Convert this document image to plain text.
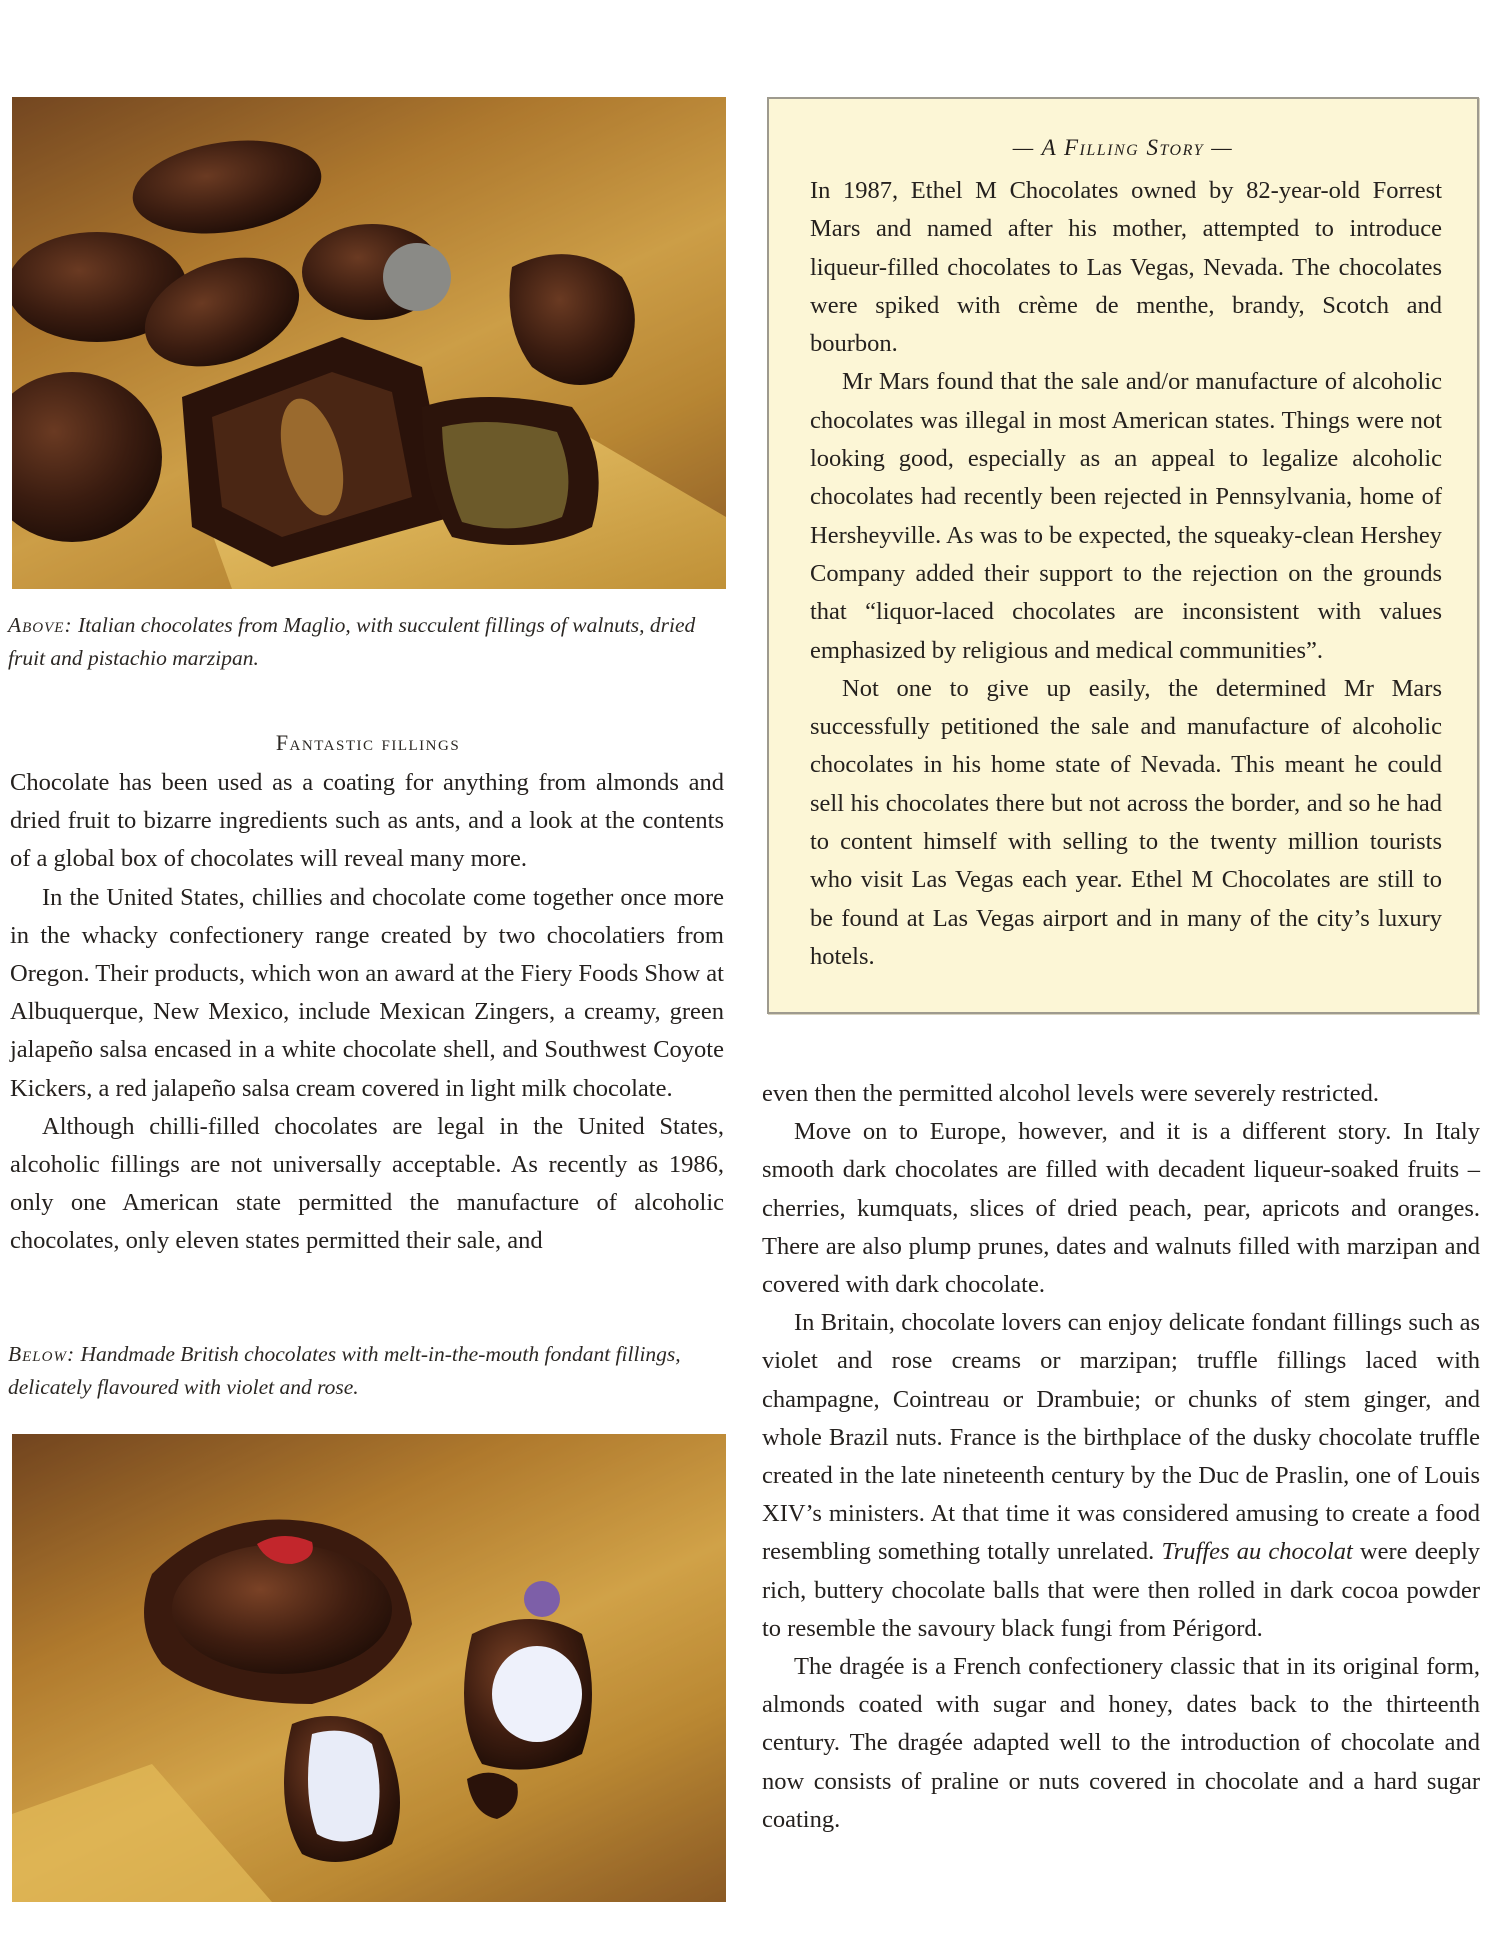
Above: Italian chocolates from Maglio, with succulent fillings of walnuts, dried fruit and pistachio marzipan.

Fantastic fillings

Chocolate has been used as a coating for anything from almonds and dried fruit to bizarre ingredients such as ants, and a look at the contents of a global box of chocolates will reveal many more.

In the United States, chillies and chocolate come together once more in the whacky confectionery range created by two chocolatiers from Oregon. Their products, which won an award at the Fiery Foods Show at Albuquerque, New Mexico, include Mexican Zingers, a creamy, green jalapeño salsa encased in a white chocolate shell, and Southwest Coyote Kickers, a red jalapeño salsa cream covered in light milk chocolate.

Although chilli-filled chocolates are legal in the United States, alcoholic fillings are not universally acceptable. As recently as 1986, only one American state permitted the manufacture of alcoholic chocolates, only eleven states permitted their sale, and

Below: Handmade British chocolates with melt-in-the-mouth fondant fillings, delicately flavoured with violet and rose.

— A Filling Story —

In 1987, Ethel M Chocolates owned by 82-year-old Forrest Mars and named after his mother, attempted to introduce liqueur-filled chocolates to Las Vegas, Nevada. The chocolates were spiked with crème de menthe, brandy, Scotch and bourbon.

Mr Mars found that the sale and/or manufacture of alcoholic chocolates was illegal in most American states. Things were not looking good, especially as an appeal to legalize alcoholic chocolates had recently been rejected in Pennsylvania, home of Hersheyville. As was to be expected, the squeaky-clean Hershey Company added their support to the rejection on the grounds that “liquor-laced chocolates are inconsistent with values emphasized by religious and medical communities”.

Not one to give up easily, the determined Mr Mars successfully petitioned the sale and manufacture of alcoholic chocolates in his home state of Nevada. This meant he could sell his chocolates there but not across the border, and so he had to content himself with selling to the twenty million tourists who visit Las Vegas each year. Ethel M Chocolates are still to be found at Las Vegas airport and in many of the city’s luxury hotels.

even then the permitted alcohol levels were severely restricted.

Move on to Europe, however, and it is a different story. In Italy smooth dark chocolates are filled with decadent liqueur-soaked fruits – cherries, kumquats, slices of dried peach, pear, apricots and oranges. There are also plump prunes, dates and walnuts filled with marzipan and covered with dark chocolate.

In Britain, chocolate lovers can enjoy delicate fondant fillings such as violet and rose creams or marzipan; truffle fillings laced with champagne, Cointreau or Drambuie; or chunks of stem ginger, and whole Brazil nuts. France is the birthplace of the dusky chocolate truffle created in the late nineteenth century by the Duc de Praslin, one of Louis XIV’s ministers. At that time it was considered amusing to create a food resembling something totally unrelated. Truffes au chocolat were deeply rich, buttery chocolate balls that were then rolled in dark cocoa powder to resemble the savoury black fungi from Périgord.

The dragée is a French confectionery classic that in its original form, almonds coated with sugar and honey, dates back to the thirteenth century. The dragée adapted well to the introduction of chocolate and now consists of praline or nuts covered in chocolate and a hard sugar coating.
